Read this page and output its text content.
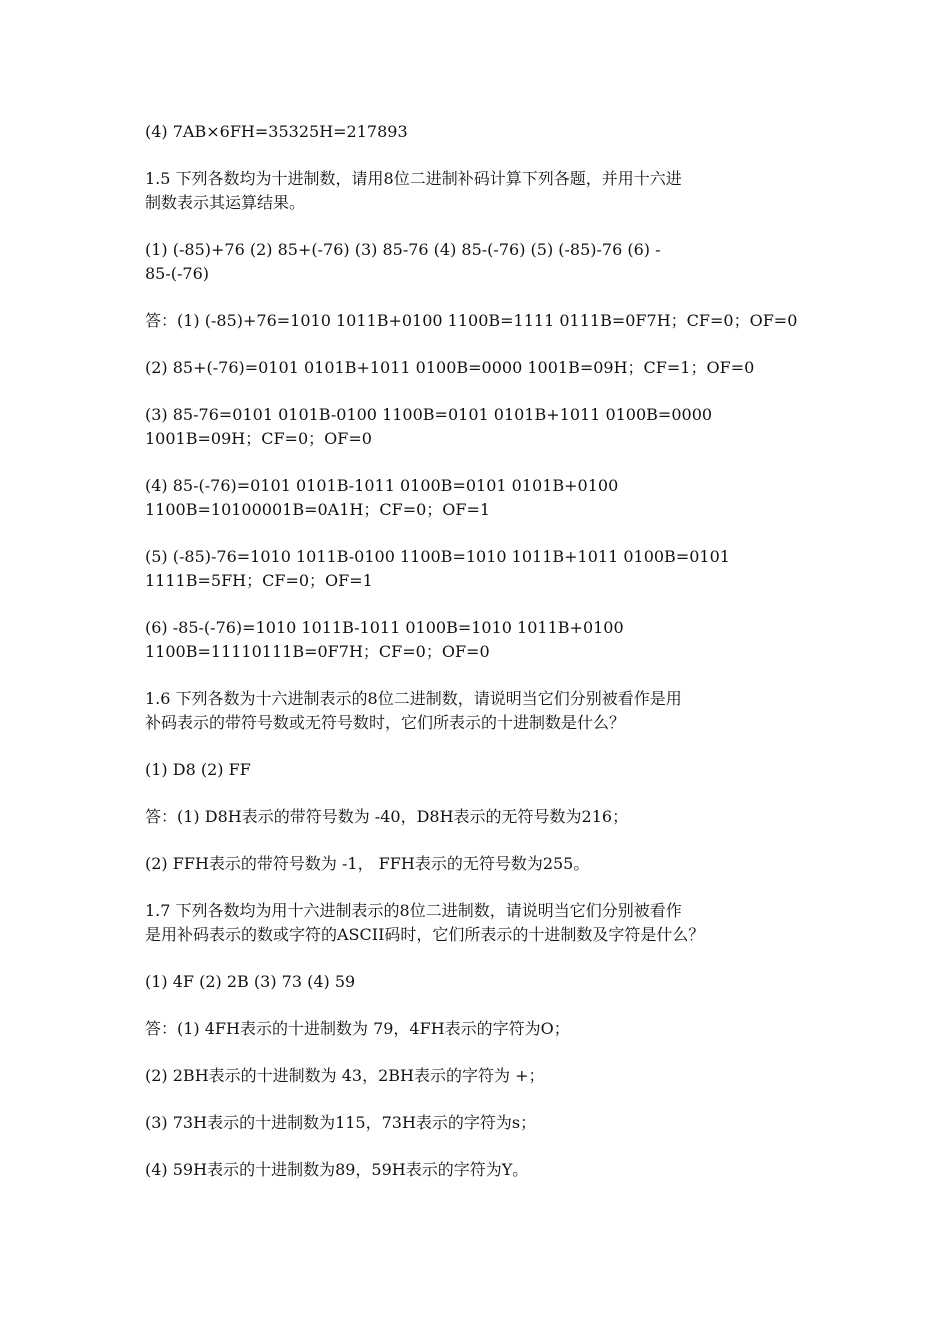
(4) 7AB×6FH=35325H=217893

1.5 下列各数均为十进制数，请用8位二进制补码计算下列各题，并用十六进
制数表示其运算结果。

(1) (-85)+76 (2) 85+(-76) (3) 85-76 (4) 85-(-76) (5) (-85)-76 (6) -
85-(-76)

答：(1) (-85)+76=1010 1011B+0100 1100B=1111 0111B=0F7H；CF=0；OF=0

(2) 85+(-76)=0101 0101B+1011 0100B=0000 1001B=09H；CF=1；OF=0

(3) 85-76=0101 0101B-0100 1100B=0101 0101B+1011 0100B=0000
1001B=09H；CF=0；OF=0

(4) 85-(-76)=0101 0101B-1011 0100B=0101 0101B+0100
1100B=10100001B=0A1H；CF=0；OF=1

(5) (-85)-76=1010 1011B-0100 1100B=1010 1011B+1011 0100B=0101
1111B=5FH；CF=0；OF=1

(6) -85-(-76)=1010 1011B-1011 0100B=1010 1011B+0100
1100B=11110111B=0F7H；CF=0；OF=0

1.6 下列各数为十六进制表示的8位二进制数，请说明当它们分别被看作是用
补码表示的带符号数或无符号数时，它们所表示的十进制数是什么？

(1) D8 (2) FF

答：(1) D8H表示的带符号数为 -40，D8H表示的无符号数为216；

(2) FFH表示的带符号数为 -1， FFH表示的无符号数为255。

1.7 下列各数均为用十六进制表示的8位二进制数，请说明当它们分别被看作
是用补码表示的数或字符的ASCII码时，它们所表示的十进制数及字符是什么？

(1) 4F (2) 2B (3) 73 (4) 59

答：(1) 4FH表示的十进制数为 79，4FH表示的字符为O；

(2) 2BH表示的十进制数为 43，2BH表示的字符为 +；

(3) 73H表示的十进制数为115，73H表示的字符为s；

(4) 59H表示的十进制数为89，59H表示的字符为Y。
